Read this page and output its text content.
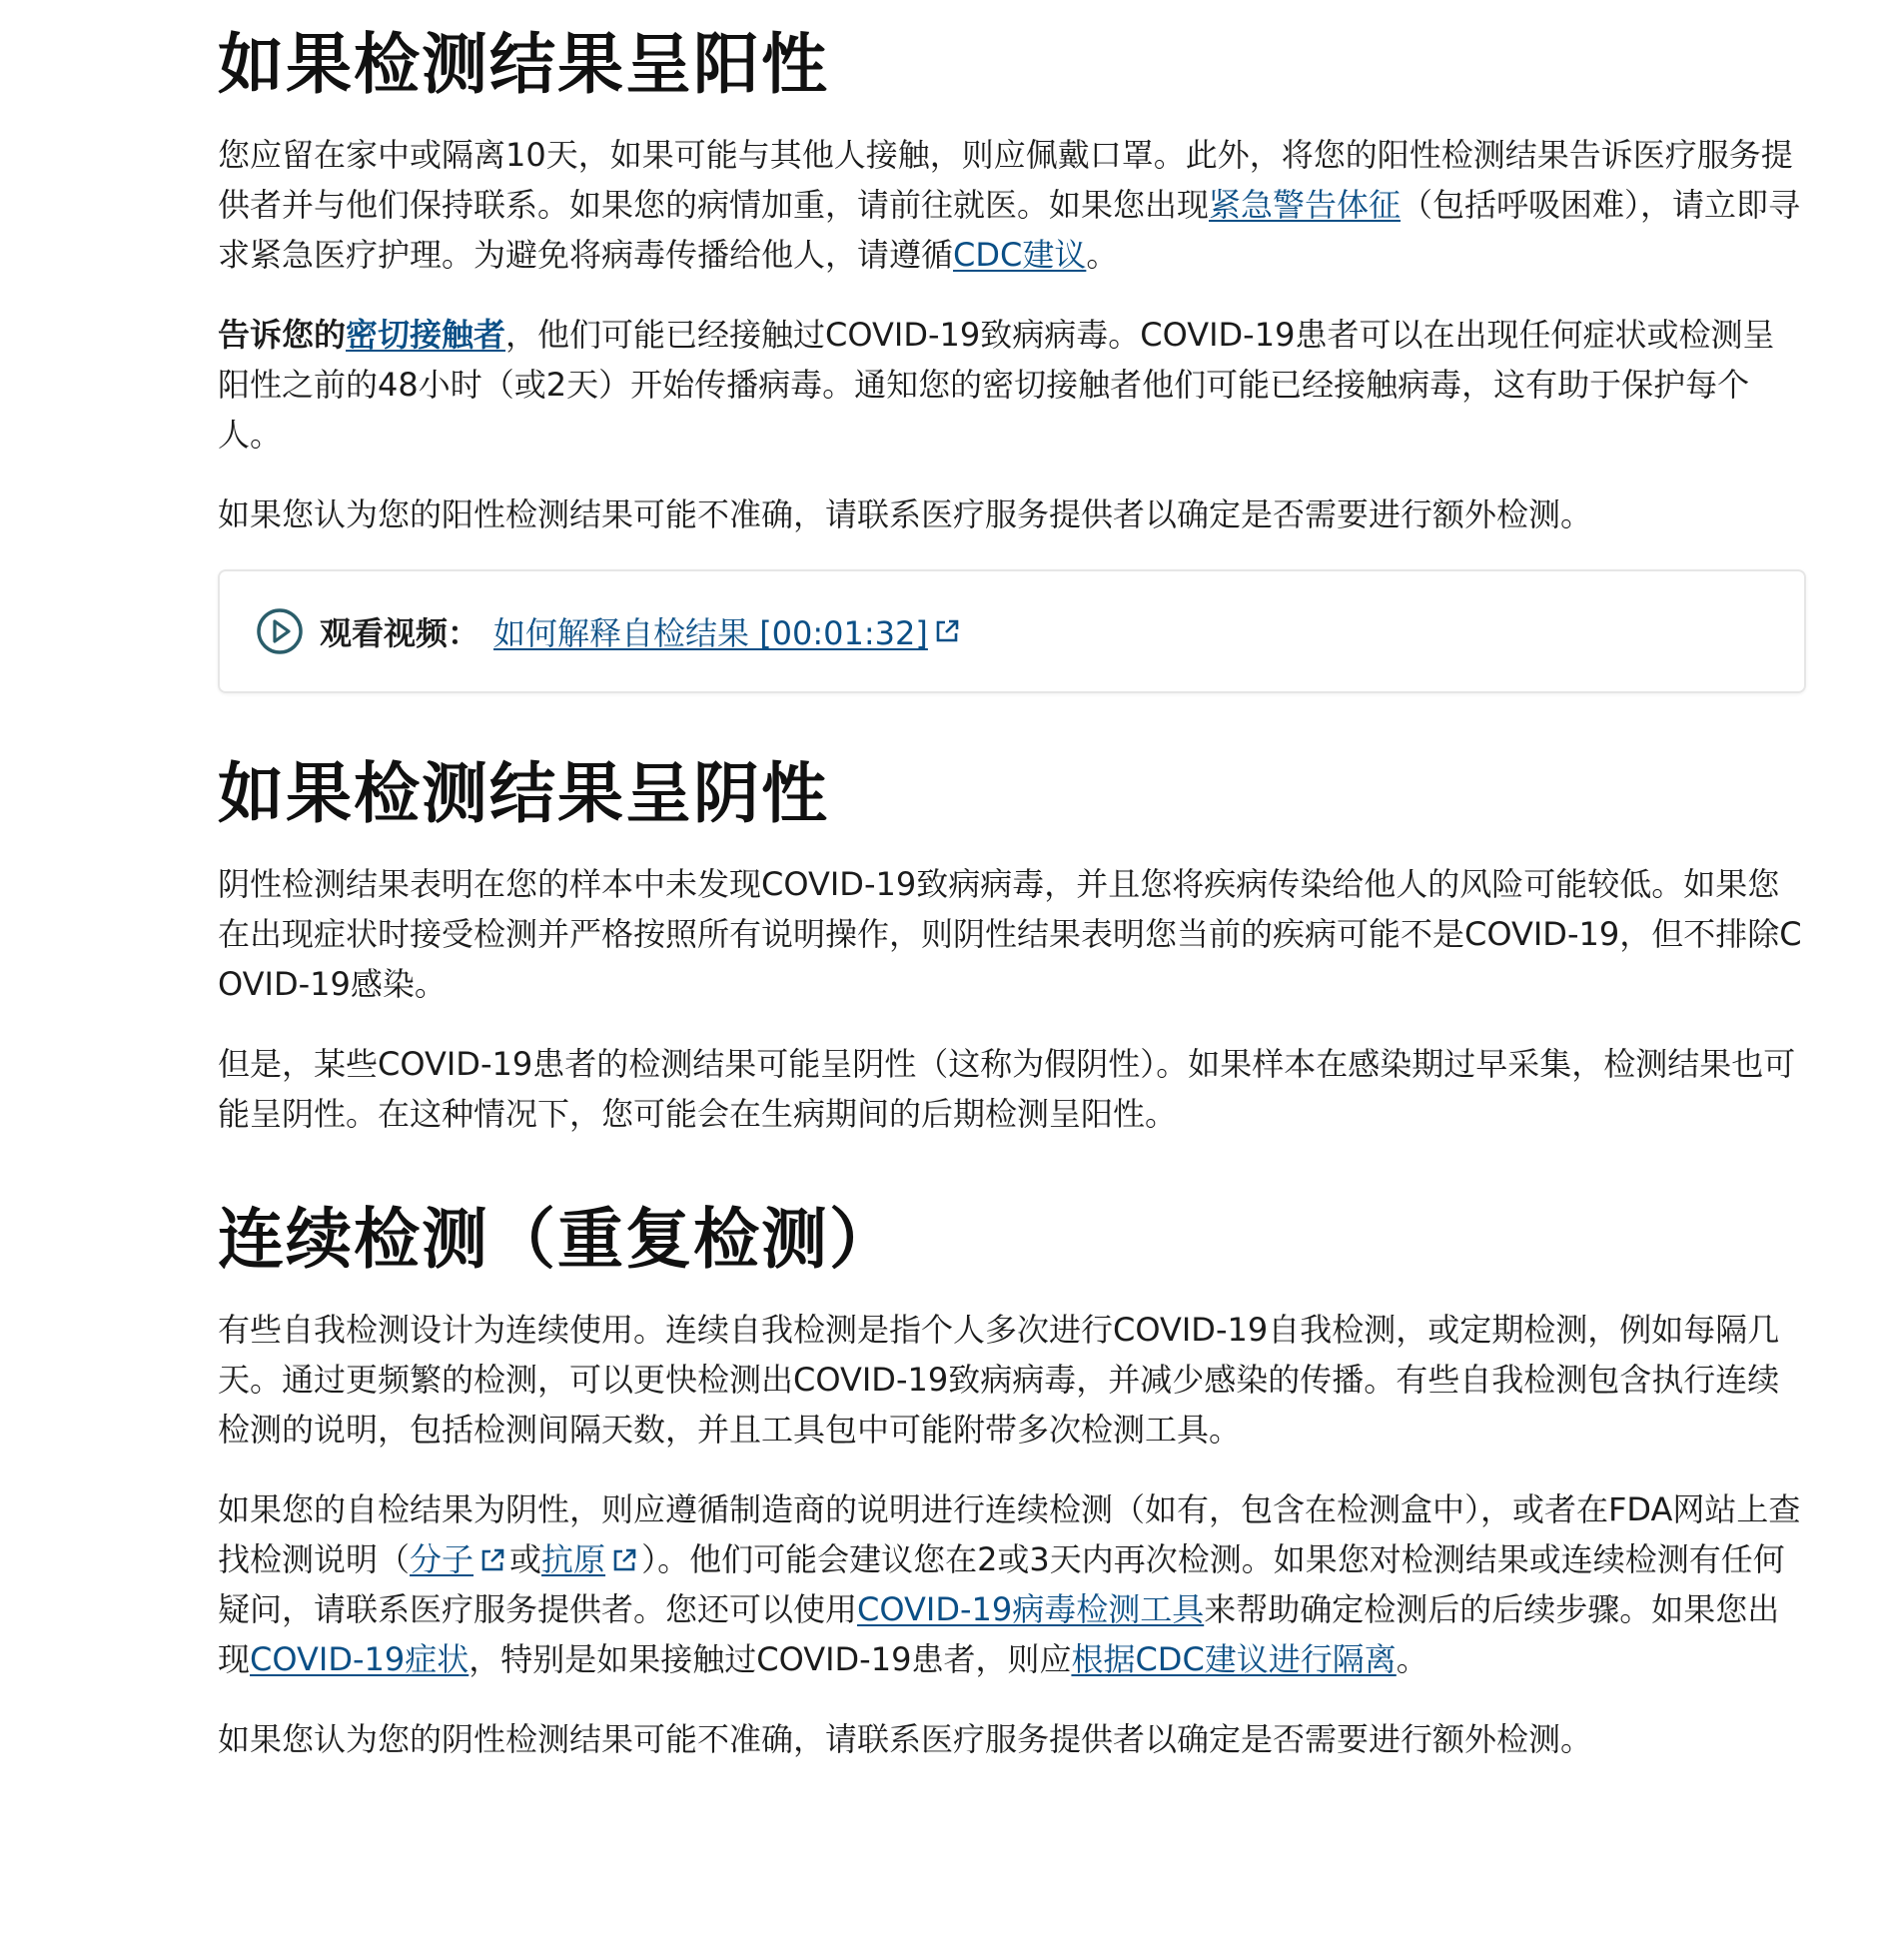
如果检测结果呈阳性

您应留在家中或隔离10天，如果可能与其他人接触，则应佩戴口罩。此外，将您的阳性检测结果告诉医疗服务提供者并与他们保持联系。如果您的病情加重，请前往就医。如果您出现紧急警告体征（包括呼吸困难），请立即寻求紧急医疗护理。为避免将病毒传播给他人，请遵循CDC建议。

告诉您的密切接触者，他们可能已经接触过COVID-19致病病毒。COVID-19患者可以在出现任何症状或检测呈阳性之前的48小时（或2天）开始传播病毒。通知您的密切接触者他们可能已经接触病毒，这有助于保护每个人。

如果您认为您的阳性检测结果可能不准确，请联系医疗服务提供者以确定是否需要进行额外检测。

观看视频： 如何解释自检结果 [00:01:32]
如果检测结果呈阴性

阴性检测结果表明在您的样本中未发现COVID-19致病病毒，并且您将疾病传染给他人的风险可能较低。如果您在出现症状时接受检测并严格按照所有说明操作，则阴性结果表明您当前的疾病可能不是COVID-19，但不排除COVID-19感染。

但是，某些COVID-19患者的检测结果可能呈阴性（这称为假阴性）。如果样本在感染期过早采集，检测结果也可能呈阴性。在这种情况下，您可能会在生病期间的后期检测呈阳性。

连续检测（重复检测）

有些自我检测设计为连续使用。连续自我检测是指个人多次进行COVID-19自我检测，或定期检测，例如每隔几天。通过更频繁的检测，可以更快检测出COVID-19致病病毒，并减少感染的传播。有些自我检测包含执行连续检测的说明，包括检测间隔天数，并且工具包中可能附带多次检测工具。

如果您的自检结果为阴性，则应遵循制造商的说明进行连续检测（如有，包含在检测盒中），或者在FDA网站上查找检测说明（分子 或抗原 ）。他们可能会建议您在2或3天内再次检测。如果您对检测结果或连续检测有任何疑问，请联系医疗服务提供者。您还可以使用COVID-19病毒检测工具来帮助确定检测后的后续步骤。如果您出现COVID-19症状，特别是如果接触过COVID-19患者，则应根据CDC建议进行隔离。

如果您认为您的阴性检测结果可能不准确，请联系医疗服务提供者以确定是否需要进行额外检测。
